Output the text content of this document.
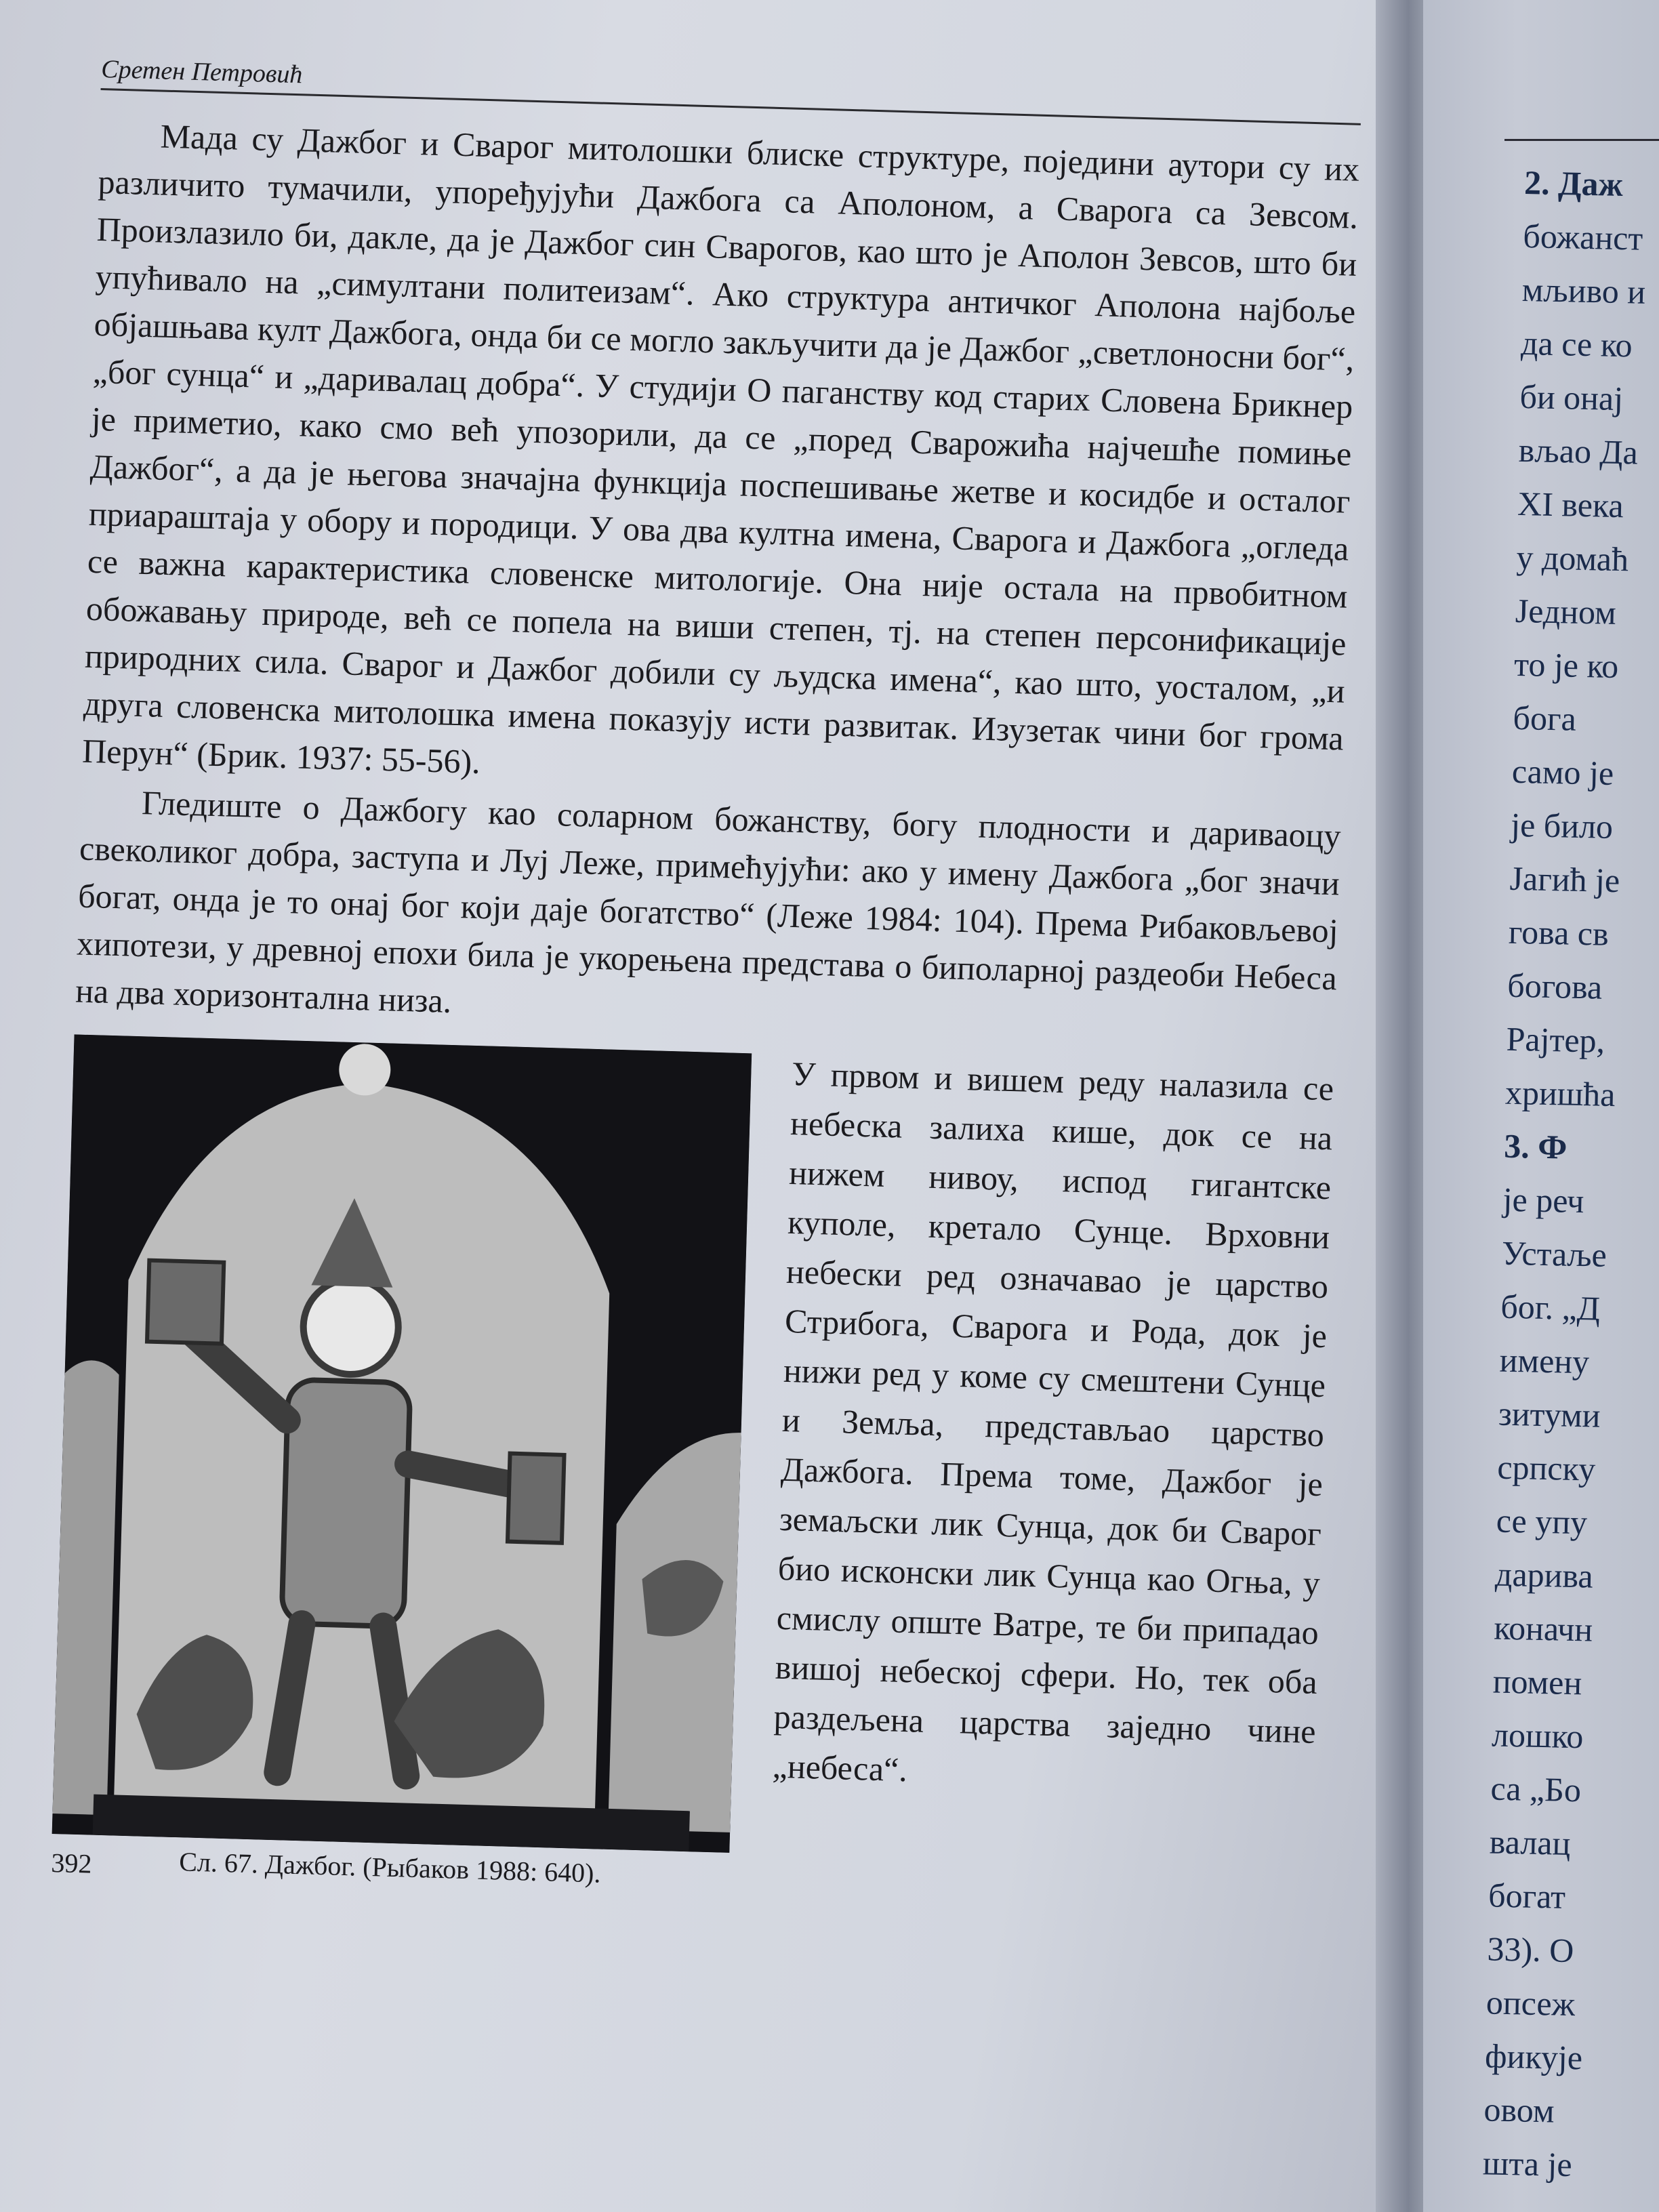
Сретен Петровић

Мада су Дажбог и Сварог митолошки блиске структуре, поједини аутори су их различито тумачили, упоређујући Дажбога са Аполоном, а Сварога са Зевсом. Произлазило би, дакле, да је Дажбог син Сварогов, као што је Аполон Зевсов, што би упућивало на „симултани политеизам“. Ако структура античког Аполона најбоље објашњава култ Дажбога, онда би се могло закључити да је Дажбог „светлоносни бог“, „бог сунца“ и „даривалац добра“. У студији О паганству код старих Словена Брикнер је приметио, како смо већ упозорили, да се „поред Сварожића најчешће помиње Дажбог“, а да је његова значајна функција поспешивање жетве и косидбе и осталог приараштаја у обору и породици. У ова два култна имена, Сварога и Дажбога „огледа се важна карактеристика словенске митологије. Она није остала на првобитном обожавању природе, већ се попела на виши степен, тј. на степен персонификације природних сила. Сварог и Дажбог добили су људска имена“, као што, уосталом, „и друга словенска митолошка имена показују исти развитак. Изузетак чини бог грома Перун“ (Брик. 1937: 55-56).

Гледиште о Дажбогу као соларном божанству, богу плодности и дариваоцу свеколиког добра, заступа и Луј Леже, примећујући: ако у имену Дажбога „бог значи богат, онда је то онај бог који даје богатство“ (Леже 1984: 104). Према Рибаковљевој хипотези, у древној епохи била је укорењена представа о биполарној раздеоби Небеса на два хоризонтална низа.

Сл. 67. Дажбог. (Рыбаков 1988: 640).
392

У првом и вишем реду налазила се небеска залиха кише, док се на нижем нивоу, испод гигантске куполе, кретало Сунце. Врховни небески ред означавао је царство Стрибога, Сварога и Рода, док је нижи ред у коме су смештени Сунце и Земља, представљао царство Дажбога. Према томе, Дажбог је земаљски лик Сунца, док би Сварог био исконски лик Сунца као Огња, у смислу опште Ватре, те би припадао вишој небеској сфери. Но, тек оба раздељена царства заједно чине „небеса“.

2. Даж
божанст
мљиво и
да се ко
би онај
вљао Да
XI века
у домаћ
Једном
то је ко
бога
само је
је било
Јагић је
гова св
богова
Рајтер,
хришћа
3. Ф
је реч
Устаље
бог. „Д
имену
зитуми
српску
се упу
дарива
коначн
помен
лошко
са „Бо
валац
богат
33). О
опсеж
фикује
овом
шта је
